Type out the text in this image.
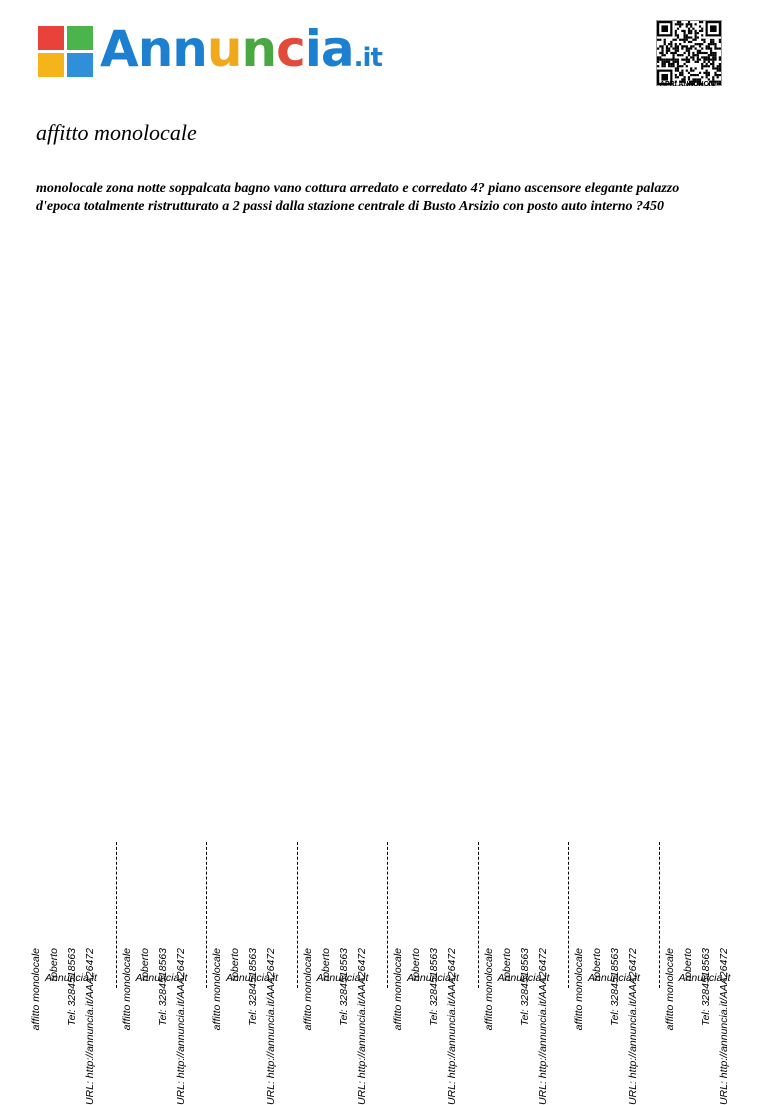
Annuncia.it
APRI ANNUNCIO
affitto monolocale

monolocale zona notte soppalcata bagno vano cottura arredato e corredato 4? piano ascensore elegante palazzo d'epoca totalmente ristrutturato a 2 passi dalla stazione centrale di Busto Arsizio con posto auto interno ?450

affitto monolocale roberto Tel: 3284518563 URL: http://annuncia.it/AAA26472
Annuncia.it	affitto monolocale roberto Tel: 3284518563 URL: http://annuncia.it/AAA26472
Annuncia.it	affitto monolocale roberto Tel: 3284518563 URL: http://annuncia.it/AAA26472
Annuncia.it	affitto monolocale roberto Tel: 3284518563 URL: http://annuncia.it/AAA26472
Annuncia.it	affitto monolocale roberto Tel: 3284518563 URL: http://annuncia.it/AAA26472
Annuncia.it	affitto monolocale roberto Tel: 3284518563 URL: http://annuncia.it/AAA26472
Annuncia.it	affitto monolocale roberto Tel: 3284518563 URL: http://annuncia.it/AAA26472
Annuncia.it	affitto monolocale roberto Tel: 3284518563 URL: http://annuncia.it/AAA26472
Annuncia.it
